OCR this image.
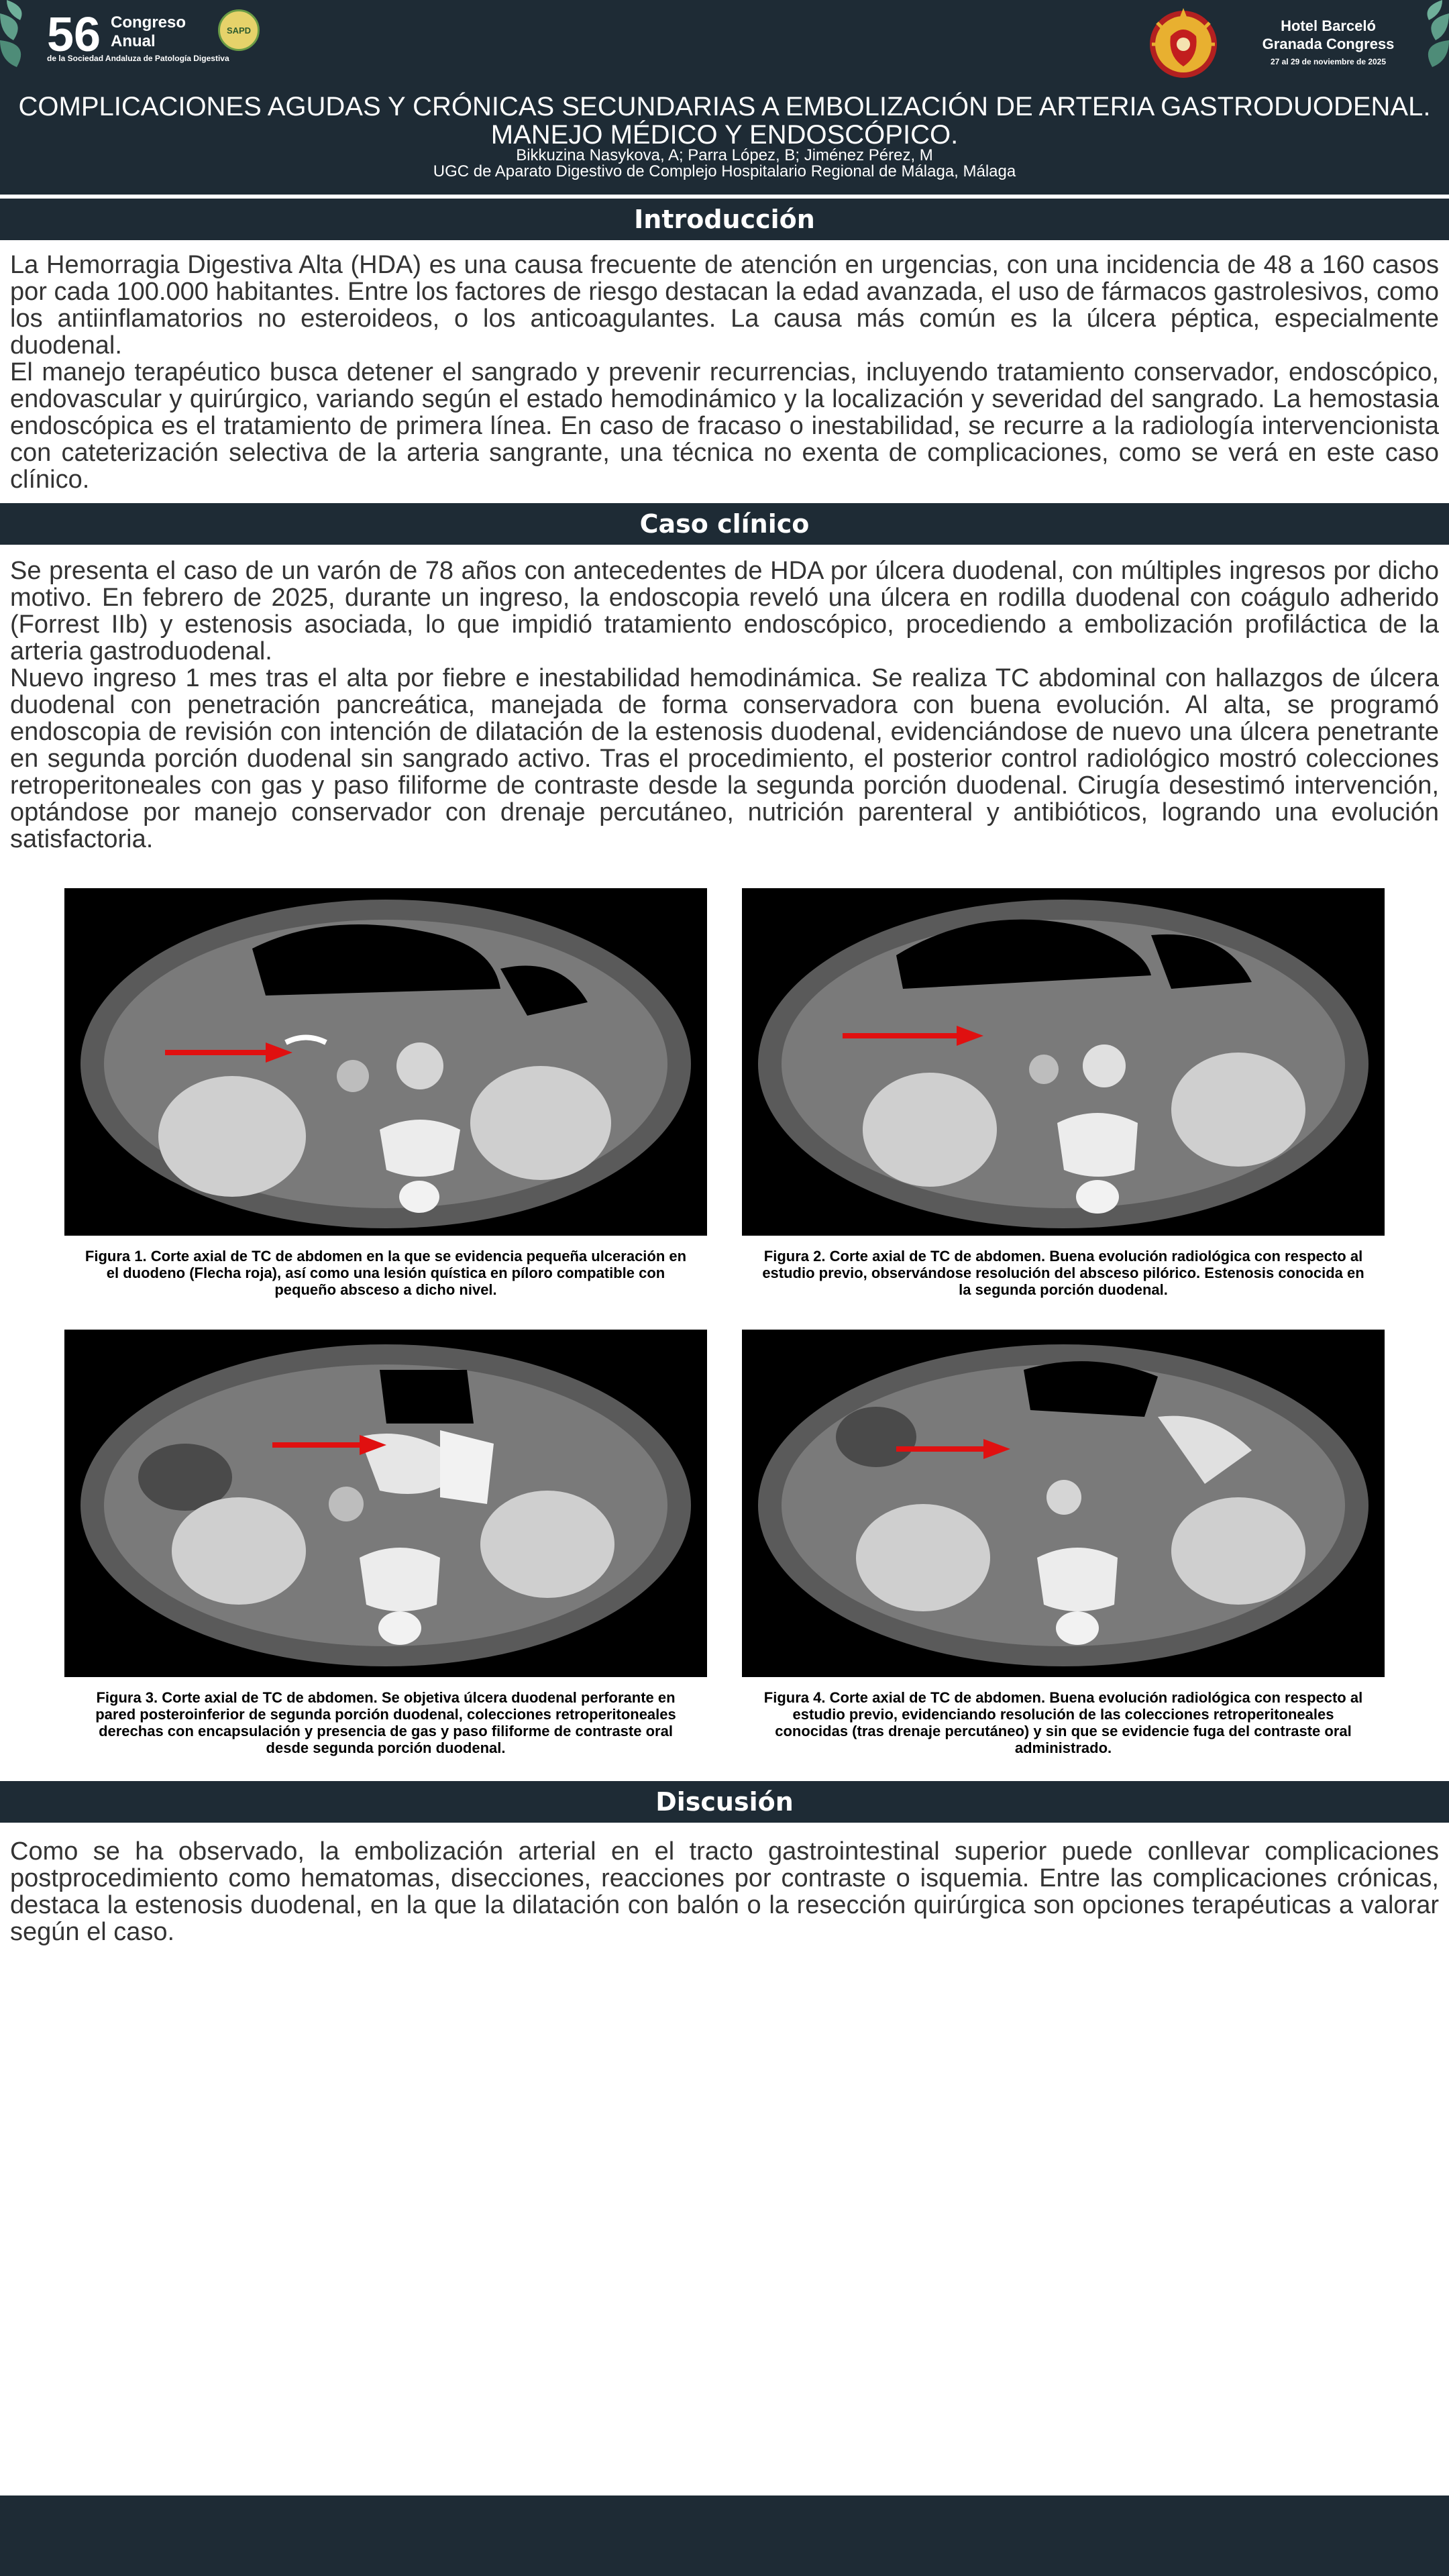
56 Congreso
Anual
SAPD
de la Sociedad Andaluza de Patología Digestiva
Hotel Barceló
Granada Congress
27 al 29 de noviembre de 2025
COMPLICACIONES AGUDAS Y CRÓNICAS SECUNDARIAS A EMBOLIZACIÓN DE ARTERIA GASTRODUODENAL.
MANEJO MÉDICO Y ENDOSCÓPICO.
Bikkuzina Nasykova, A; Parra López, B; Jiménez Pérez, M
UGC de Aparato Digestivo de Complejo Hospitalario Regional de Málaga, Málaga
Introducción

La Hemorragia Digestiva Alta (HDA) es una causa frecuente de atención en urgencias, con una incidencia de 48 a 160 casos por cada 100.000 habitantes. Entre los factores de riesgo destacan la edad avanzada, el uso de fármacos gastrolesivos, como los antiinflamatorios no esteroideos, o los anticoagulantes. La causa más común es la úlcera péptica, especialmente duodenal.

El manejo terapéutico busca detener el sangrado y prevenir recurrencias, incluyendo tratamiento conservador, endoscópico, endovascular y quirúrgico, variando según el estado hemodinámico y la localización y severidad del sangrado. La hemostasia endoscópica es el tratamiento de primera línea. En caso de fracaso o inestabilidad, se recurre a la radiología intervencionista con cateterización selectiva de la arteria sangrante, una técnica no exenta de complicaciones, como se verá en este caso clínico.

Caso clínico

Se presenta el caso de un varón de 78 años con antecedentes de HDA por úlcera duodenal, con múltiples ingresos por dicho motivo. En febrero de 2025, durante un ingreso, la endoscopia reveló una úlcera en rodilla duodenal con coágulo adherido (Forrest IIb) y estenosis asociada, lo que impidió tratamiento endoscópico, procediendo a embolización profiláctica de la arteria gastroduodenal.

Nuevo ingreso 1 mes tras el alta por fiebre e inestabilidad hemodinámica. Se realiza TC abdominal con hallazgos de úlcera duodenal con penetración pancreática, manejada de forma conservadora con buena evolución. Al alta, se programó endoscopia de revisión con intención de dilatación de la estenosis duodenal, evidenciándose de nuevo una úlcera penetrante en segunda porción duodenal sin sangrado activo. Tras el procedimiento, el posterior control radiológico mostró colecciones retroperitoneales con gas y paso filiforme de contraste desde la segunda porción duodenal. Cirugía desestimó intervención, optándose por manejo conservador con drenaje percutáneo, nutrición parenteral y antibióticos, logrando una evolución satisfactoria.

Figura 1. Corte axial de TC de abdomen en la que se evidencia pequeña ulceración en el duodeno (Flecha roja), así como una lesión quística en píloro compatible con pequeño absceso a dicho nivel.
Figura 2. Corte axial de TC de abdomen. Buena evolución radiológica con respecto al estudio previo, observándose resolución del absceso pilórico. Estenosis conocida en la segunda porción duodenal.
Figura 3. Corte axial de TC de abdomen. Se objetiva úlcera duodenal perforante en pared posteroinferior de segunda porción duodenal, colecciones retroperitoneales derechas con encapsulación y presencia de gas y paso filiforme de contraste oral desde segunda porción duodenal.
Figura 4. Corte axial de TC de abdomen. Buena evolución radiológica con respecto al estudio previo, evidenciando resolución de las colecciones retroperitoneales conocidas (tras drenaje percutáneo) y sin que se evidencie fuga del contraste oral administrado.
Discusión

Como se ha observado, la embolización arterial en el tracto gastrointestinal superior puede conllevar complicaciones postprocedimiento como hematomas, disecciones, reacciones por contraste o isquemia. Entre las complicaciones crónicas, destaca la estenosis duodenal, en la que la dilatación con balón o la resección quirúrgica son opciones terapéuticas a valorar según el caso.
